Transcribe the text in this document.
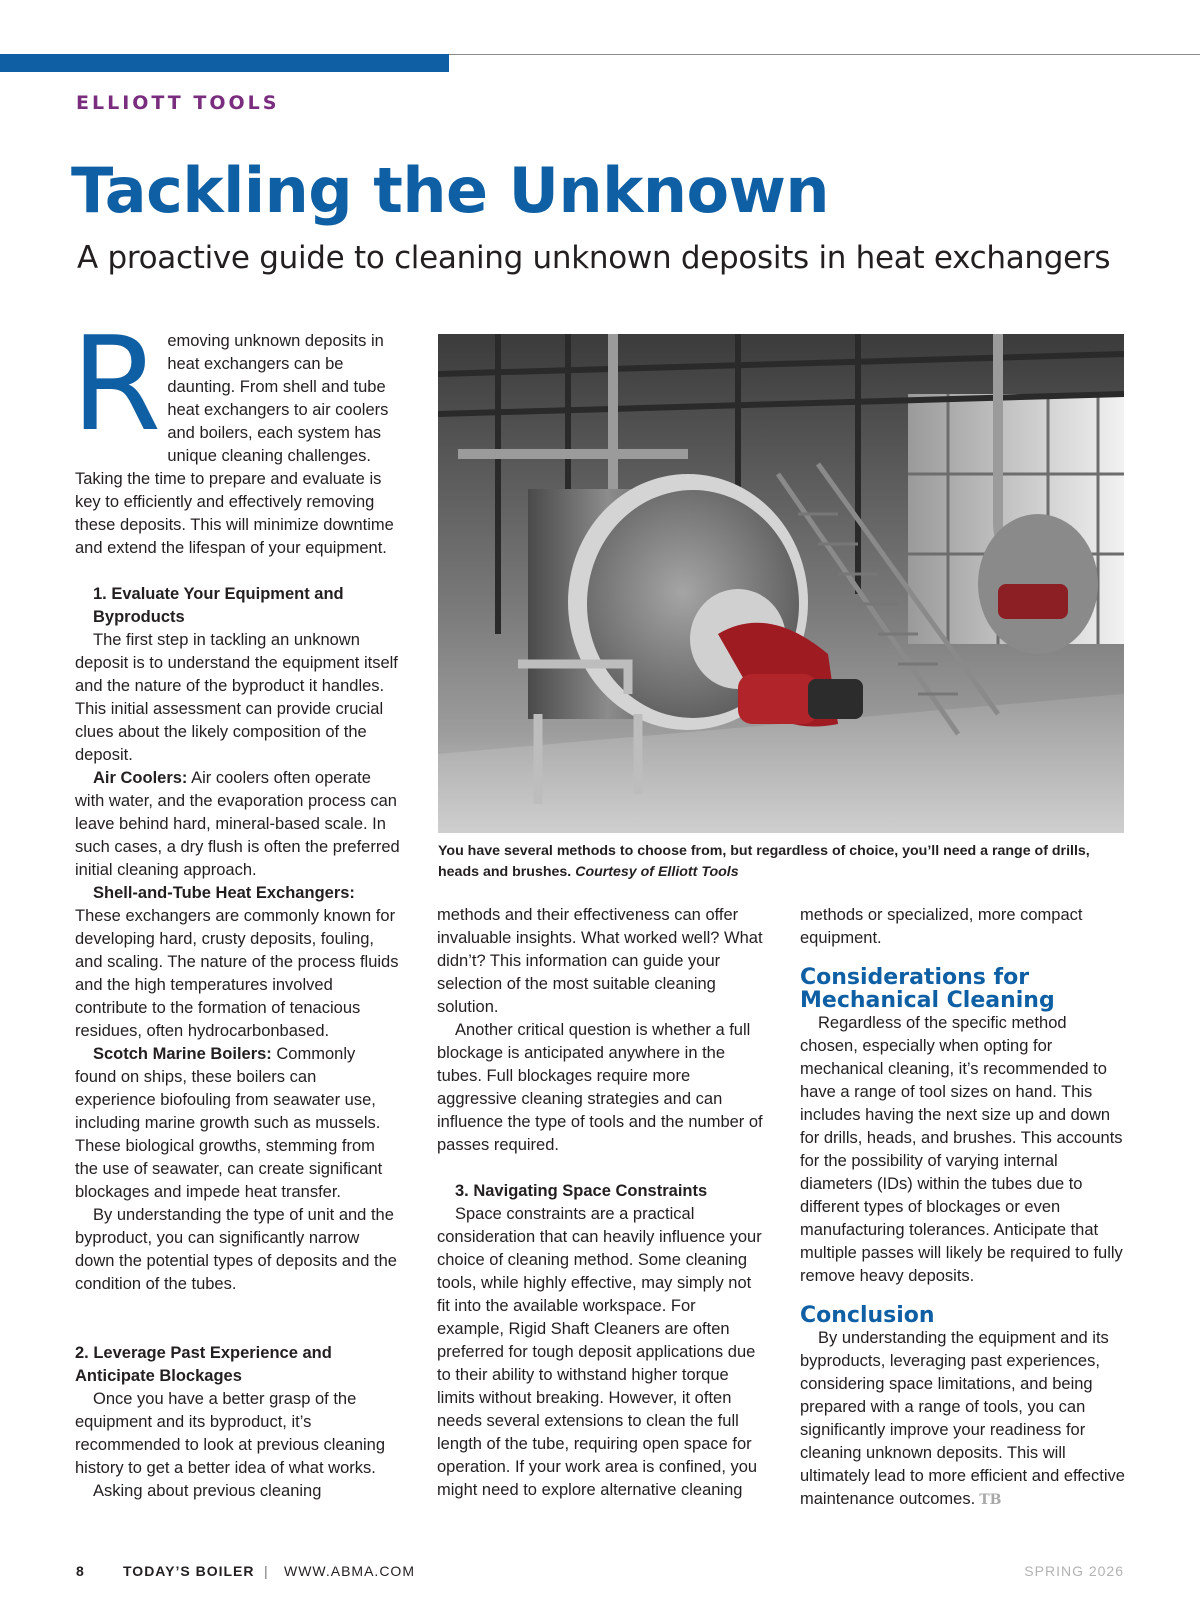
ELLIOTT TOOLS
Tackling the Unknown
A proactive guide to cleaning unknown deposits in heat exchangers

Removing unknown deposits in heat exchangers can be daunting. From shell and tube heat exchangers to air coolers and boilers, each system has unique cleaning challenges. Taking the time to prepare and evaluate is key to efficiently and effectively removing these deposits. This will minimize downtime and extend the lifespan of your equipment.

1. Evaluate Your Equipment and Byproducts

The first step in tackling an unknown deposit is to understand the equipment itself and the nature of the byproduct it handles. This initial assessment can provide crucial clues about the likely composition of the deposit.

Air Coolers: Air coolers often operate with water, and the evaporation process can leave behind hard, mineral-based scale. In such cases, a dry flush is often the preferred initial cleaning approach.

Shell-and-Tube Heat Exchangers: These exchangers are commonly known for developing hard, crusty deposits, fouling, and scaling. The nature of the process fluids and the high temperatures involved contribute to the formation of tenacious residues, often hydrocarbonbased.

Scotch Marine Boilers: Commonly found on ships, these boilers can experience biofouling from seawater use, including marine growth such as mussels. These biological growths, stemming from the use of seawater, can create significant blockages and impede heat transfer.

By understanding the type of unit and the byproduct, you can significantly narrow down the potential types of deposits and the condition of the tubes.

2. Leverage Past Experience and Anticipate Blockages

Once you have a better grasp of the equipment and its byproduct, it’s recommended to look at previous cleaning history to get a better idea of what works.

Asking about previous cleaning

You have several methods to choose from, but regardless of choice, you’ll need a range of drills, heads and brushes. Courtesy of Elliott Tools

methods and their effectiveness can offer invaluable insights. What worked well? What didn’t? This information can guide your selection of the most suitable cleaning solution.

Another critical question is whether a full blockage is anticipated anywhere in the tubes. Full blockages require more aggressive cleaning strategies and can influence the type of tools and the number of passes required.

3. Navigating Space Constraints

Space constraints are a practical consideration that can heavily influence your choice of cleaning method. Some cleaning tools, while highly effective, may simply not fit into the available workspace. For example, Rigid Shaft Cleaners are often preferred for tough deposit applications due to their ability to withstand higher torque limits without breaking. However, it often needs several extensions to clean the full length of the tube, requiring open space for operation. If your work area is confined, you might need to explore alternative cleaning

methods or specialized, more compact equipment.

Considerations for Mechanical Cleaning

Regardless of the specific method chosen, especially when opting for mechanical cleaning, it’s recommended to have a range of tool sizes on hand. This includes having the next size up and down for drills, heads, and brushes. This accounts for the possibility of varying internal diameters (IDs) within the tubes due to different types of blockages or even manufacturing tolerances. Anticipate that multiple passes will likely be required to fully remove heavy deposits.

Conclusion

By understanding the equipment and its byproducts, leveraging past experiences, considering space limitations, and being prepared with a range of tools, you can significantly improve your readiness for cleaning unknown deposits. This will ultimately lead to more efficient and effective maintenance outcomes. TB

8	TODAY’S BOILER | WWW.ABMA.COM	SPRING 2026
